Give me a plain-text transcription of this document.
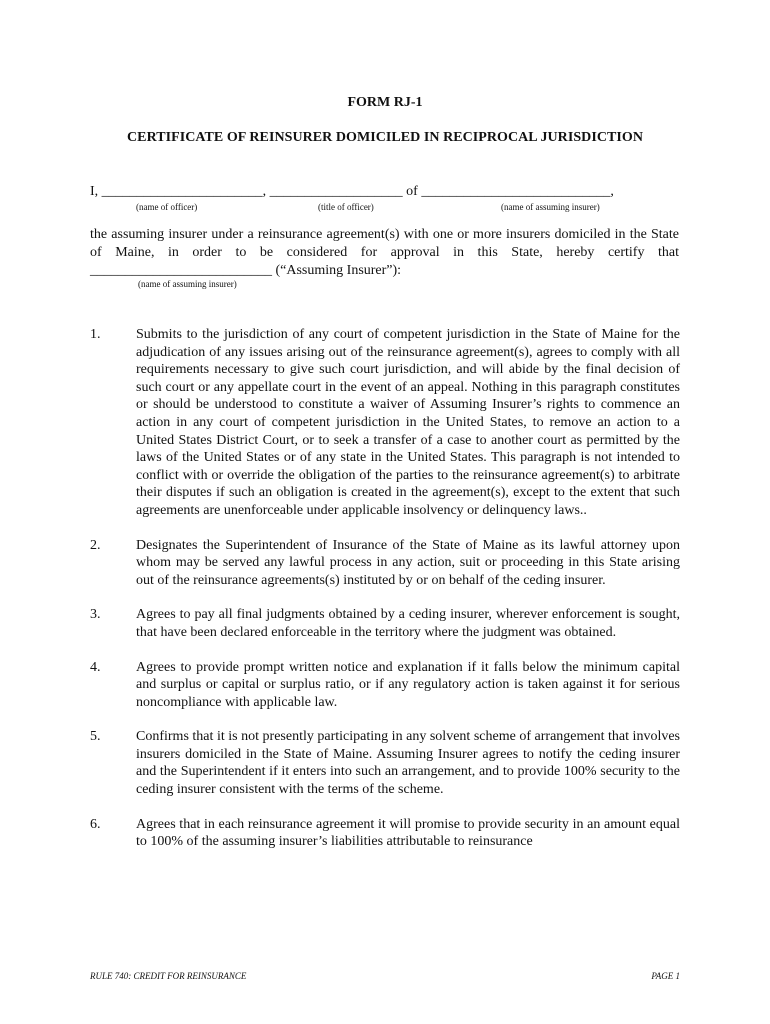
FORM RJ-1
CERTIFICATE OF REINSURER DOMICILED IN RECIPROCAL JURISDICTION
I, _______________________, ___________________ of ___________________________,
(name of officer)	(title of officer)	(name of assuming insurer)
the assuming insurer under a reinsurance agreement(s) with one or more insurers domiciled in the State of Maine, in order to be considered for approval in this State, hereby certify that __________________________ (“Assuming Insurer”):
(name of assuming insurer)
1.	Submits to the jurisdiction of any court of competent jurisdiction in the State of Maine for the adjudication of any issues arising out of the reinsurance agreement(s), agrees to comply with all requirements necessary to give such court jurisdiction, and will abide by the final decision of such court or any appellate court in the event of an appeal. Nothing in this paragraph constitutes or should be understood to constitute a waiver of Assuming Insurer’s rights to commence an action in any court of competent jurisdiction in the United States, to remove an action to a United States District Court, or to seek a transfer of a case to another court as permitted by the laws of the United States or of any state in the United States. This paragraph is not intended to conflict with or override the obligation of the parties to the reinsurance agreement(s) to arbitrate their disputes if such an obligation is created in the agreement(s), except to the extent that such agreements are unenforceable under applicable insolvency or delinquency laws..
2.	Designates the Superintendent of Insurance of the State of Maine as its lawful attorney upon whom may be served any lawful process in any action, suit or proceeding in this State arising out of the reinsurance agreements(s) instituted by or on behalf of the ceding insurer.
3.	Agrees to pay all final judgments obtained by a ceding insurer, wherever enforcement is sought, that have been declared enforceable in the territory where the judgment was obtained.
4.	Agrees to provide prompt written notice and explanation if it falls below the minimum capital and surplus or capital or surplus ratio, or if any regulatory action is taken against it for serious noncompliance with applicable law.
5.	Confirms that it is not presently participating in any solvent scheme of arrangement that involves insurers domiciled in the State of Maine. Assuming Insurer agrees to notify the ceding insurer and the Superintendent if it enters into such an arrangement, and to provide 100% security to the ceding insurer consistent with the terms of the scheme.
6.	Agrees that in each reinsurance agreement it will promise to provide security in an amount equal to 100% of the assuming insurer’s liabilities attributable to reinsurance
RULE 740: CREDIT FOR REINSURANCE	PAGE 1
